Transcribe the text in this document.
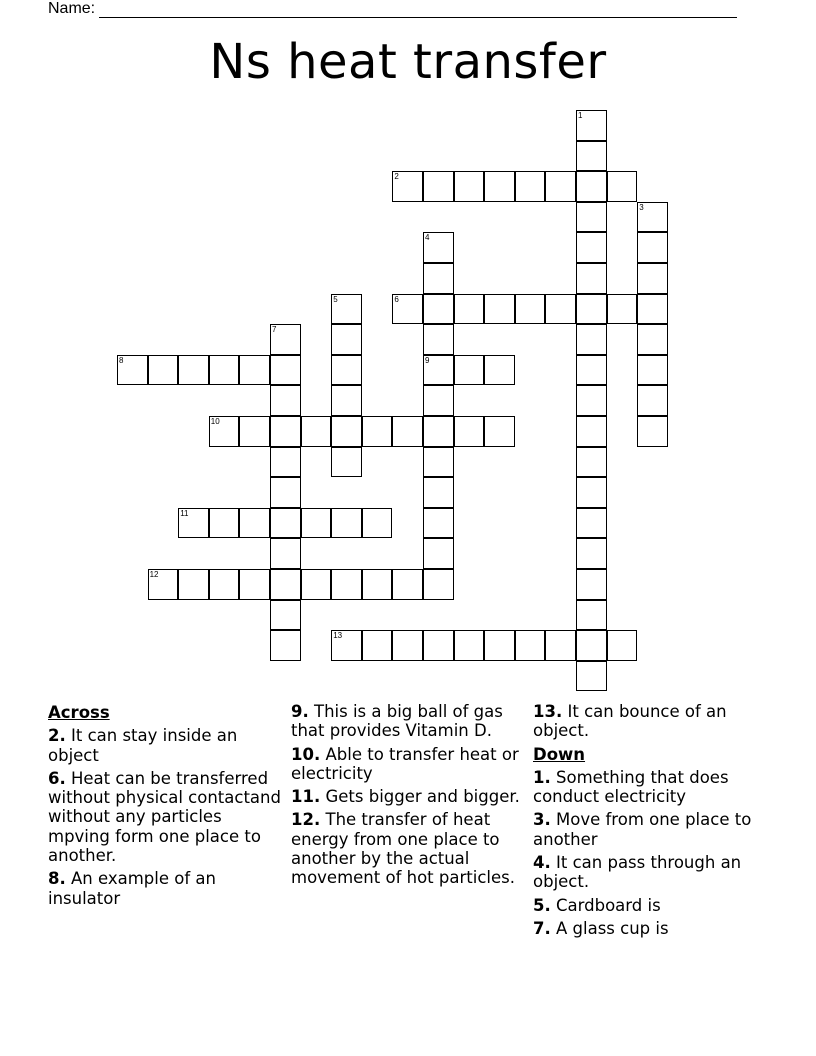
Name:
Ns heat transfer
1
2
3
4
9
5	6
7
8
10
11
12
13
Across
2. It can stay inside an object
6. Heat can be transferred without physical contactand without any particles mpving form one place to another.
8. An example of an insulator
9. This is a big ball of gas that provides Vitamin D.
10. Able to transfer heat or electricity
11. Gets bigger and bigger.
12. The transfer of heat energy from one place to another by the actual movement of hot particles.
13. It can bounce of an object.
Down
1. Something that does conduct electricity
3. Move from one place to another
4. It can pass through an object.
5. Cardboard is
7. A glass cup is
